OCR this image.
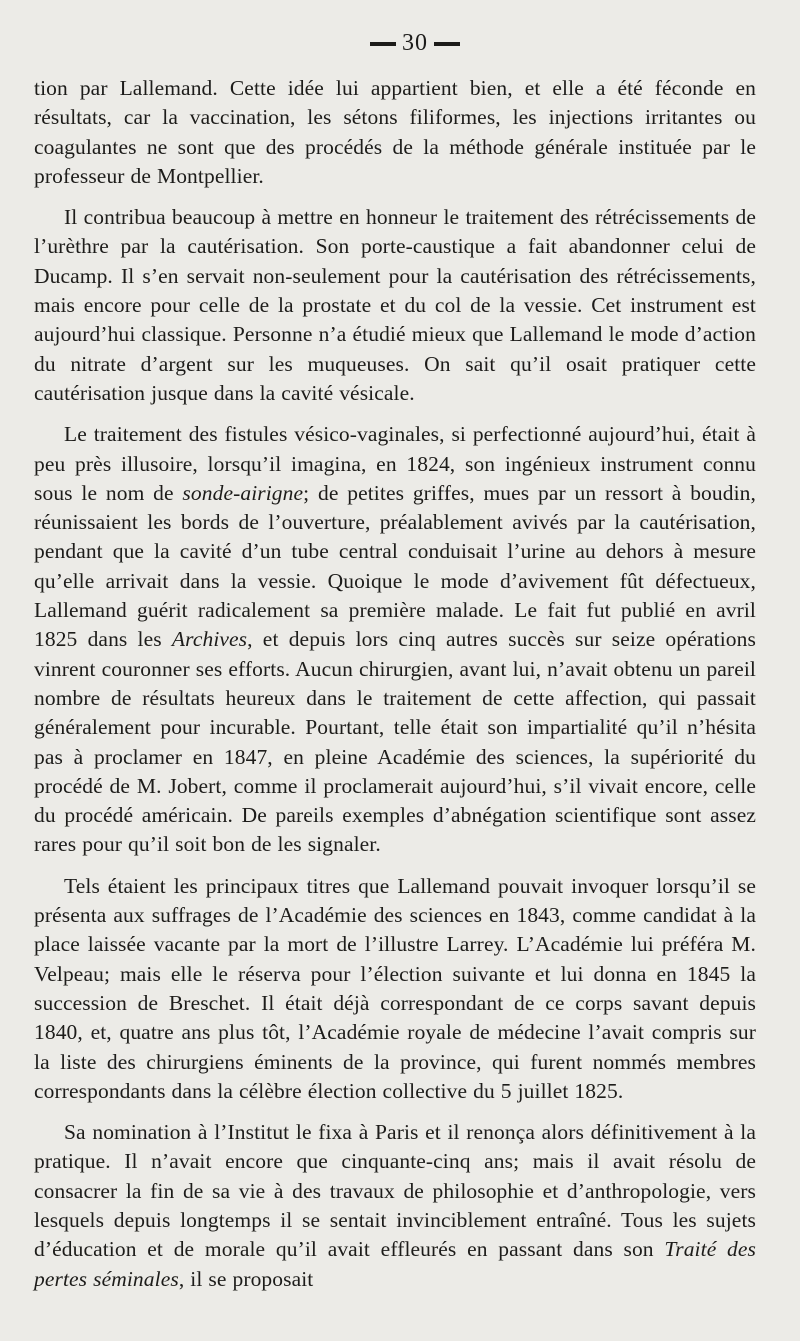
30

tion par Lallemand. Cette idée lui appartient bien, et elle a été féconde en résultats, car la vaccination, les sétons filiformes, les injections irritantes ou coagulantes ne sont que des procédés de la méthode générale instituée par le professeur de Montpellier.

Il contribua beaucoup à mettre en honneur le traitement des rétrécissements de l’urèthre par la cautérisation. Son porte-caustique a fait abandonner celui de Ducamp. Il s’en servait non-seulement pour la cautérisation des rétrécissements, mais encore pour celle de la prostate et du col de la vessie. Cet instrument est aujourd’hui classique. Personne n’a étudié mieux que Lallemand le mode d’action du nitrate d’argent sur les muqueuses. On sait qu’il osait pratiquer cette cautérisation jusque dans la cavité vésicale.

Le traitement des fistules vésico-vaginales, si perfectionné aujourd’hui, était à peu près illusoire, lorsqu’il imagina, en 1824, son ingénieux instrument connu sous le nom de sonde-airigne; de petites griffes, mues par un ressort à boudin, réunissaient les bords de l’ouverture, préalablement avivés par la cautérisation, pendant que la cavité d’un tube central conduisait l’urine au dehors à mesure qu’elle arrivait dans la vessie. Quoique le mode d’avivement fût défectueux, Lallemand guérit radicalement sa première malade. Le fait fut publié en avril 1825 dans les Archives, et depuis lors cinq autres succès sur seize opérations vinrent couronner ses efforts. Aucun chirurgien, avant lui, n’avait obtenu un pareil nombre de résultats heureux dans le traitement de cette affection, qui passait généralement pour incurable. Pourtant, telle était son impartialité qu’il n’hésita pas à proclamer en 1847, en pleine Académie des sciences, la supériorité du procédé de M. Jobert, comme il proclamerait aujourd’hui, s’il vivait encore, celle du procédé américain. De pareils exemples d’abnégation scientifique sont assez rares pour qu’il soit bon de les signaler.

Tels étaient les principaux titres que Lallemand pouvait invoquer lorsqu’il se présenta aux suffrages de l’Académie des sciences en 1843, comme candidat à la place laissée vacante par la mort de l’illustre Larrey. L’Académie lui préféra M. Velpeau; mais elle le réserva pour l’élection suivante et lui donna en 1845 la succession de Breschet. Il était déjà correspondant de ce corps savant depuis 1840, et, quatre ans plus tôt, l’Académie royale de médecine l’avait compris sur la liste des chirurgiens éminents de la province, qui furent nommés membres correspondants dans la célèbre élection collective du 5 juillet 1825.

Sa nomination à l’Institut le fixa à Paris et il renonça alors définitivement à la pratique. Il n’avait encore que cinquante-cinq ans; mais il avait résolu de consacrer la fin de sa vie à des travaux de philosophie et d’anthropologie, vers lesquels depuis longtemps il se sentait invinciblement entraîné. Tous les sujets d’éducation et de morale qu’il avait effleurés en passant dans son Traité des pertes séminales, il se proposait
